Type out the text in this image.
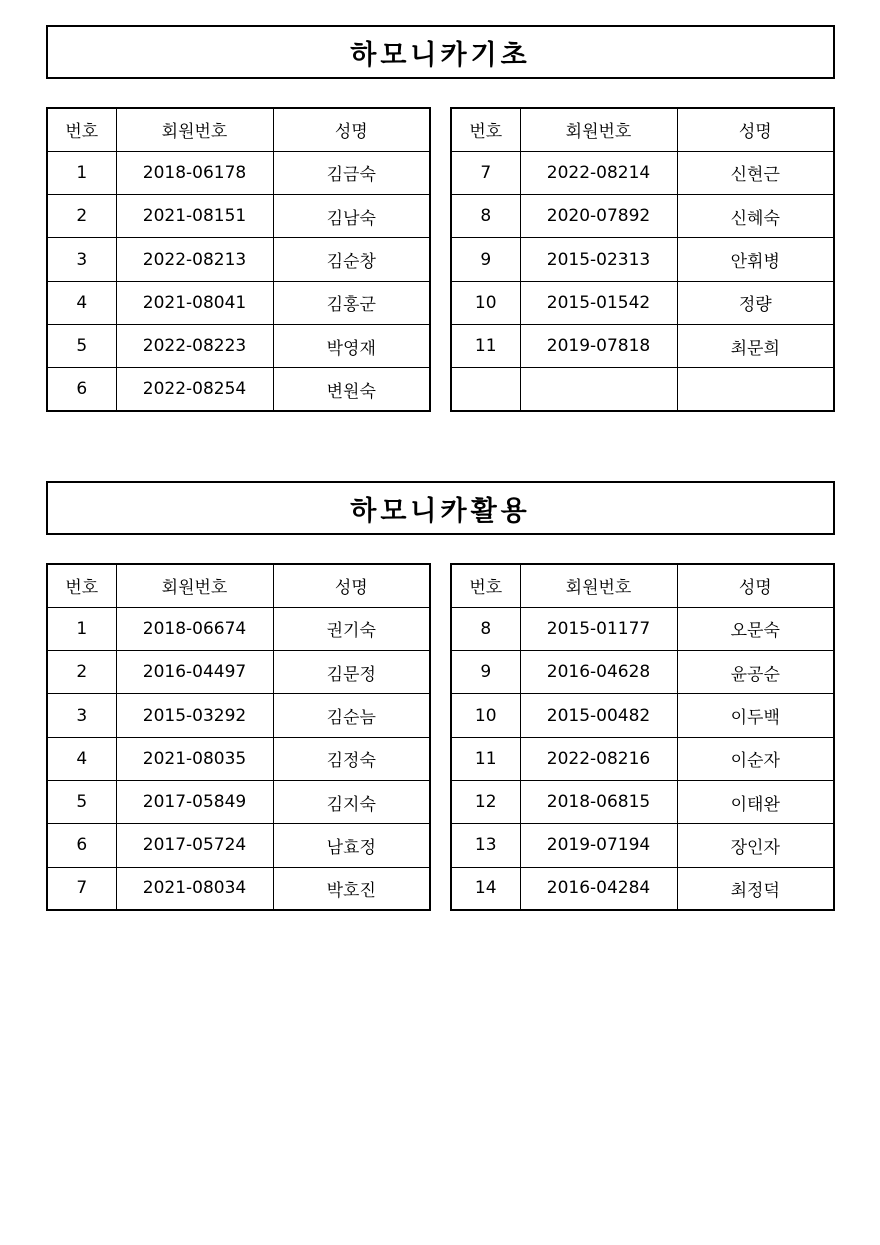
하모니카기초
번호	회원번호	성명
1	2018-06178	김금숙
2	2021-08151	김남숙
3	2022-08213	김순창
4	2021-08041	김홍군
5	2022-08223	박영재
6	2022-08254	변원숙
번호	회원번호	성명
7	2022-08214	신현근
8	2020-07892	신혜숙
9	2015-02313	안휘병
10	2015-01542	정량
11	2019-07818	최문희

하모니카활용
번호	회원번호	성명
1	2018-06674	권기숙
2	2016-04497	김문정
3	2015-03292	김순늠
4	2021-08035	김정숙
5	2017-05849	김지숙
6	2017-05724	남효정
7	2021-08034	박호진
번호	회원번호	성명
8	2015-01177	오문숙
9	2016-04628	윤공순
10	2015-00482	이두백
11	2022-08216	이순자
12	2018-06815	이태완
13	2019-07194	장인자
14	2016-04284	최정덕
